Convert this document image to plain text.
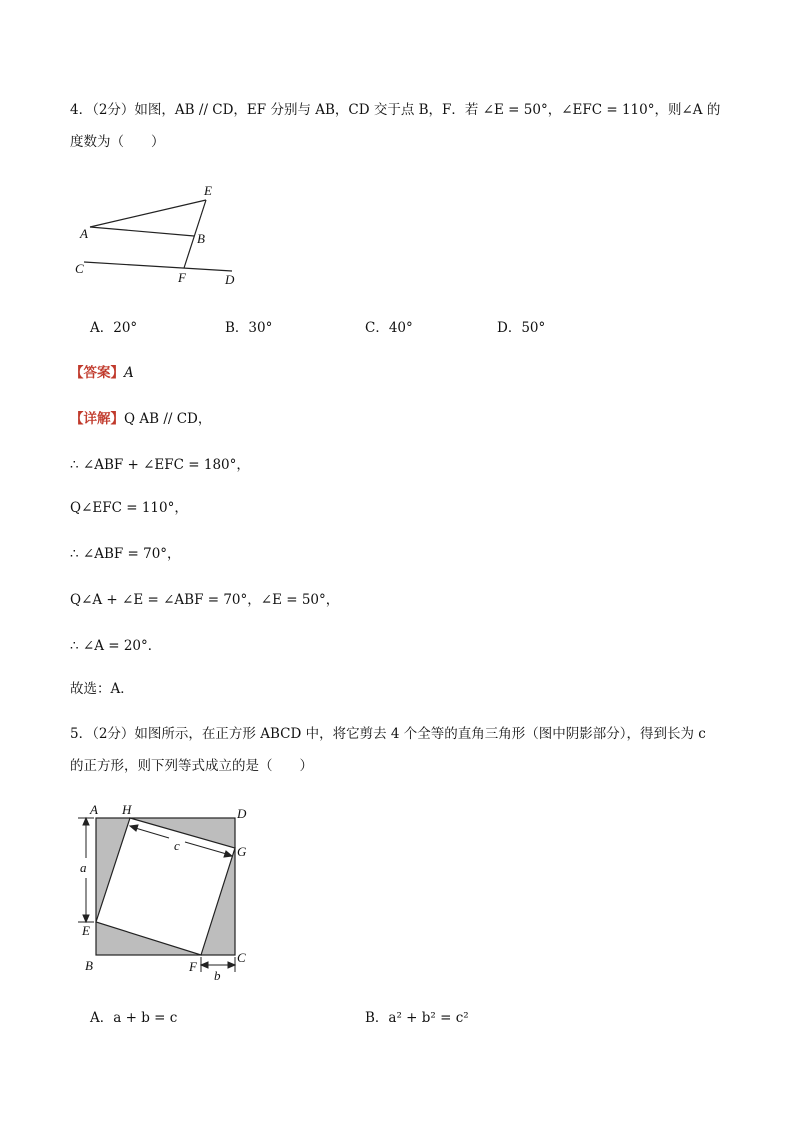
4．（2分）如图，AB // CD，EF 分别与 AB，CD 交于点 B，F．若 ∠E = 50°，∠EFC = 110°，则∠A 的
度数为（　　）
E
A	B
C
F	D
A．20°	B．30°	C．40°	D．50°
【答案】A
【详解】Q AB // CD，
∴ ∠ABF + ∠EFC = 180°，
Q∠EFC = 110°，
∴ ∠ABF = 70°，
Q∠A + ∠E = ∠ABF = 70°，∠E = 50°，
∴ ∠A = 20°．
故选：A．
5．（2分）如图所示，在正方形 ABCD 中，将它剪去 4 个全等的直角三角形（图中阴影部分），得到长为 c
的正方形，则下列等式成立的是（　　）
A H	D
G
a
c
E
B	F
C
b
A．a + b = c	B．a² + b² = c²
